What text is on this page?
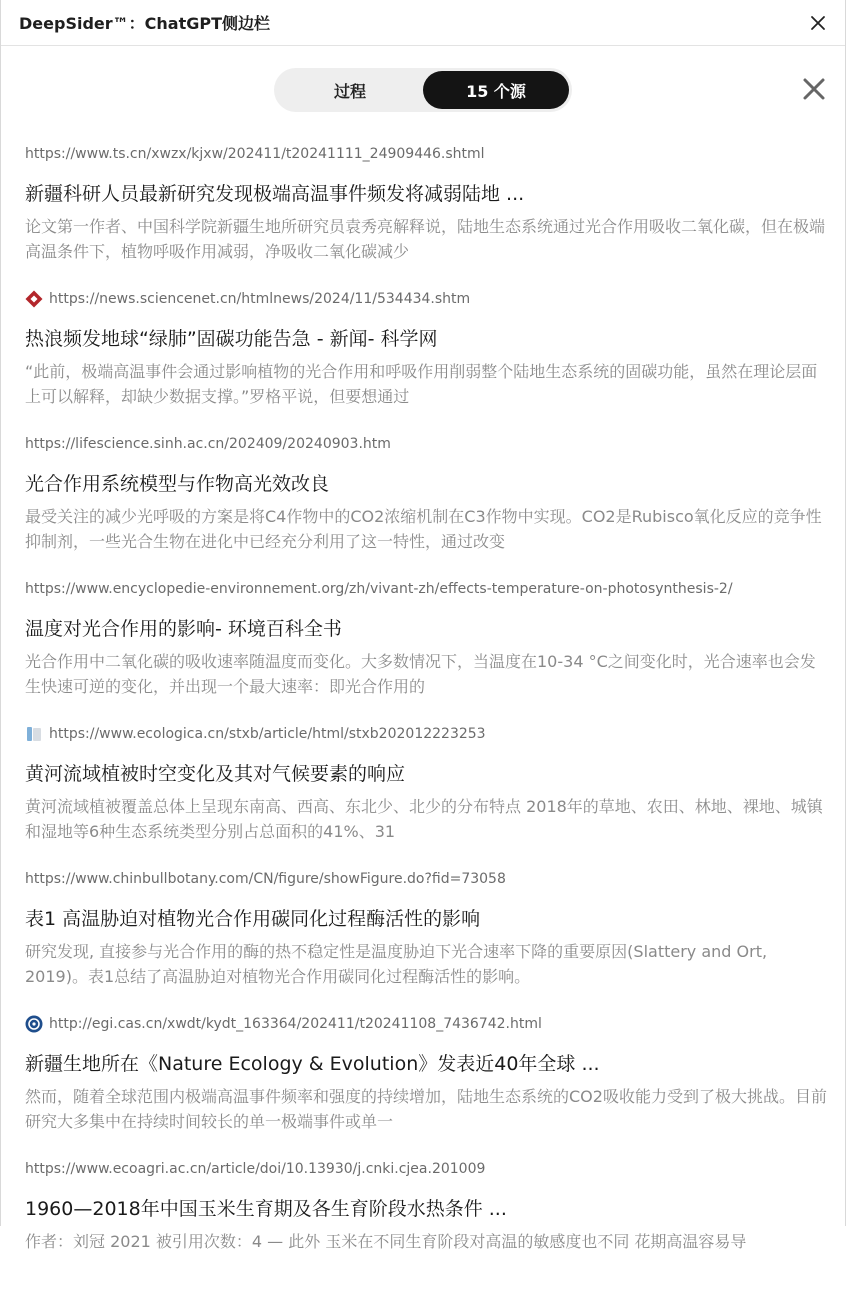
DeepSider™：ChatGPT侧边栏
过程	15 个源
https://www.ts.cn/xwzx/kjxw/202411/t20241111_24909446.shtml
新疆科研人员最新研究发现极端高温事件频发将减弱陆地 ...
论文第一作者、中国科学院新疆生地所研究员袁秀亮解释说，陆地生态系统通过光合作用吸收二氧化碳，但在极端高温条件下，植物呼吸作用减弱，净吸收二氧化碳减少
https://news.sciencenet.cn/htmlnews/2024/11/534434.shtm
热浪频发地球“绿肺”固碳功能告急 - 新闻- 科学网
“此前，极端高温事件会通过影响植物的光合作用和呼吸作用削弱整个陆地生态系统的固碳功能，虽然在理论层面上可以解释，却缺少数据支撑。”罗格平说，但要想通过
https://lifescience.sinh.ac.cn/202409/20240903.htm
光合作用系统模型与作物高光效改良
最受关注的减少光呼吸的方案是将C4作物中的CO2浓缩机制在C3作物中实现。CO2是Rubisco氧化反应的竞争性抑制剂，一些光合生物在进化中已经充分利用了这一特性，通过改变
https://www.encyclopedie-environnement.org/zh/vivant-zh/effects-temperature-on-photosynthesis-2/
温度对光合作用的影响- 环境百科全书
光合作用中二氧化碳的吸收速率随温度而变化。大多数情况下，当温度在10-34 °C之间变化时，光合速率也会发生快速可逆的变化，并出现一个最大速率：即光合作用的
https://www.ecologica.cn/stxb/article/html/stxb202012223253
黄河流域植被时空变化及其对气候要素的响应
黄河流域植被覆盖总体上呈现东南高、西高、东北少、北少的分布特点 2018年的草地、农田、林地、裸地、城镇和湿地等6种生态系统类型分别占总面积的41%、31
https://www.chinbullbotany.com/CN/figure/showFigure.do?fid=73058
表1 高温胁迫对植物光合作用碳同化过程酶活性的影响
研究发现, 直接参与光合作用的酶的热不稳定性是温度胁迫下光合速率下降的重要原因(Slattery and Ort, 2019)。表1总结了高温胁迫对植物光合作用碳同化过程酶活性的影响。
http://egi.cas.cn/xwdt/kydt_163364/202411/t20241108_7436742.html
新疆生地所在《Nature Ecology & Evolution》发表近40年全球 ...
然而，随着全球范围内极端高温事件频率和强度的持续增加，陆地生态系统的CO2吸收能力受到了极大挑战。目前研究大多集中在持续时间较长的单一极端事件或单一
https://www.ecoagri.ac.cn/article/doi/10.13930/j.cnki.cjea.201009
1960—2018年中国玉米生育期及各生育阶段水热条件 ...
作者：刘冠 2021 被引用次数：4 — 此外 玉米在不同生育阶段对高温的敏感度也不同 花期高温容易导
